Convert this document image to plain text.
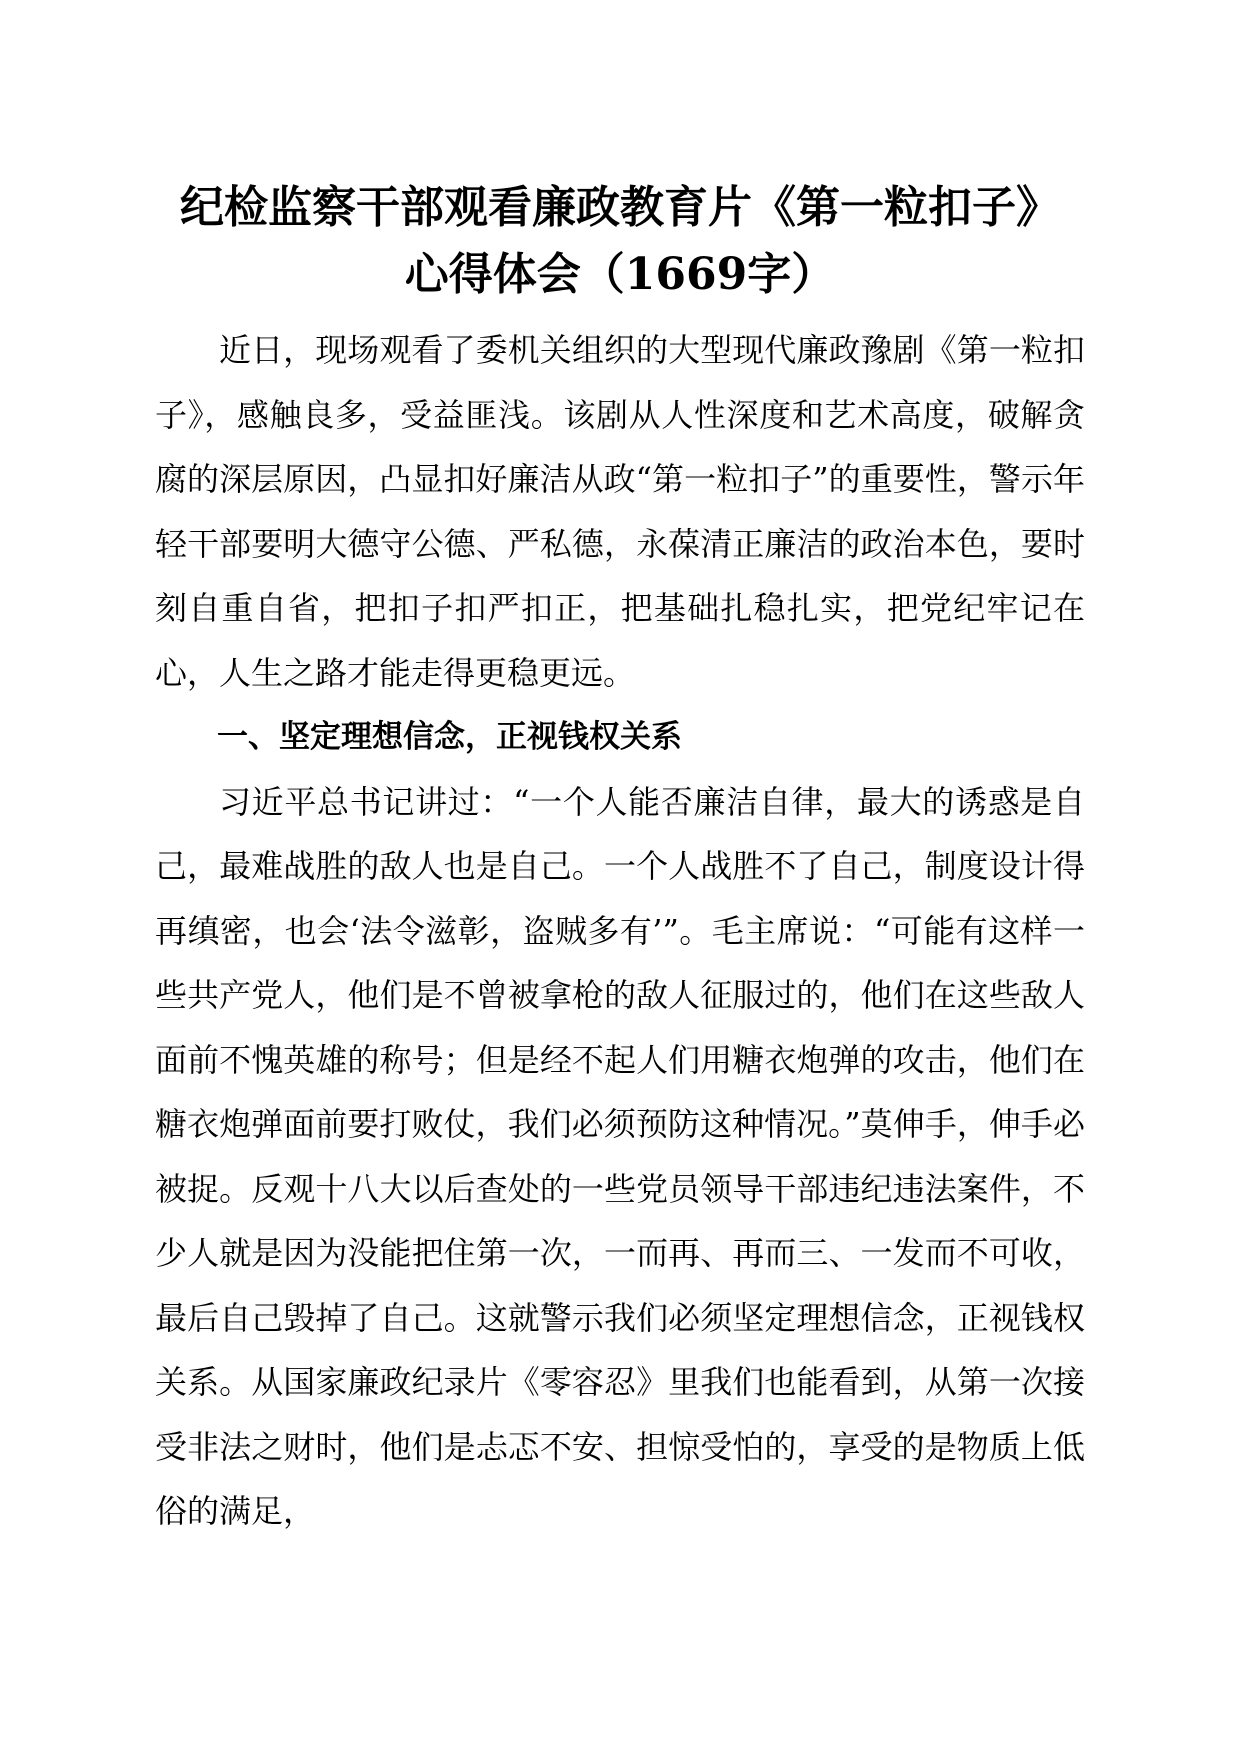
纪检监察干部观看廉政教育片《第一粒扣子》
心得体会（1669字）

近日，现场观看了委机关组织的大型现代廉政豫剧《第一粒扣子》，感触良多，受益匪浅。该剧从人性深度和艺术高度，破解贪腐的深层原因，凸显扣好廉洁从政“第一粒扣子”的重要性，警示年轻干部要明大德守公德、严私德，永葆清正廉洁的政治本色，要时刻自重自省，把扣子扣严扣正，把基础扎稳扎实，把党纪牢记在心，人生之路才能走得更稳更远。

一、坚定理想信念，正视钱权关系

习近平总书记讲过：“一个人能否廉洁自律，最大的诱惑是自己，最难战胜的敌人也是自己。一个人战胜不了自己，制度设计得再缜密，也会‘法令滋彰，盗贼多有’”。毛主席说：“可能有这样一些共产党人，他们是不曾被拿枪的敌人征服过的，他们在这些敌人面前不愧英雄的称号；但是经不起人们用糖衣炮弹的攻击，他们在糖衣炮弹面前要打败仗，我们必须预防这种情况。”莫伸手，伸手必被捉。反观十八大以后查处的一些党员领导干部违纪违法案件，不少人就是因为没能把住第一次，一而再、再而三、一发而不可收，最后自己毁掉了自己。这就警示我们必须坚定理想信念，正视钱权关系。从国家廉政纪录片《零容忍》里我们也能看到，从第一次接受非法之财时，他们是忐忑不安、担惊受怕的，享受的是物质上低俗的满足，
